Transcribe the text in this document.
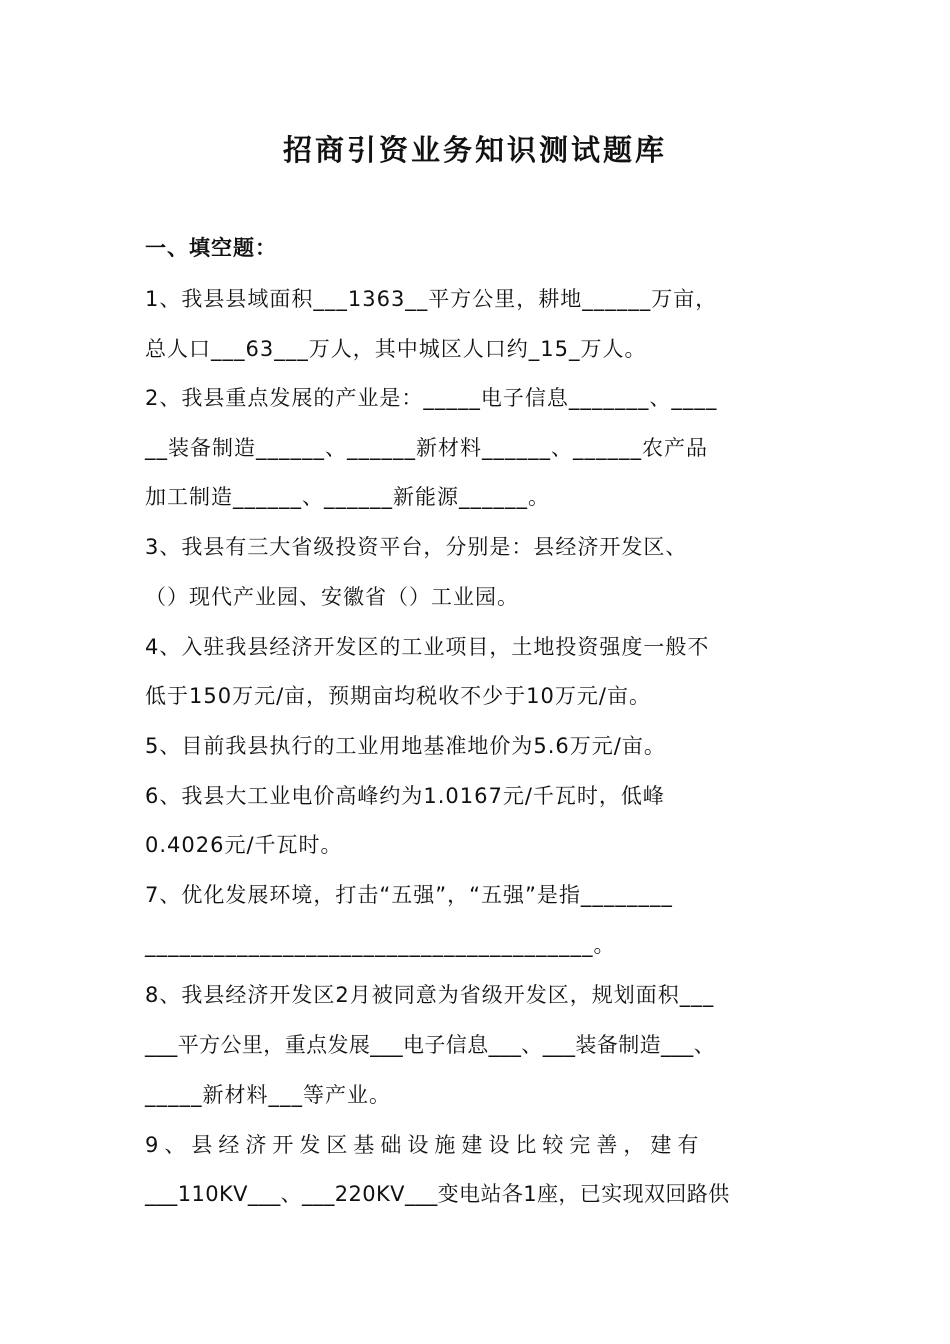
招商引资业务知识测试题库
一、填空题：
1、我县县域面积___1363__平方公里，耕地______万亩，
总人口___63___万人，其中城区人口约_15_万人。
2、我县重点发展的产业是：_____电子信息_______、____
__装备制造______、______新材料______、______农产品
加工制造______、______新能源______。
3、我县有三大省级投资平台，分别是：县经济开发区、
（）现代产业园、安徽省（）工业园。
4、入驻我县经济开发区的工业项目，土地投资强度一般不
低于150万元/亩，预期亩均税收不少于10万元/亩。
5、目前我县执行的工业用地基准地价为5.6万元/亩。
6、我县大工业电价高峰约为1.0167元/千瓦时，低峰
0.4026元/千瓦时。
7、优化发展环境，打击“五强”，“五强”是指________
_______________________________________。
8、我县经济开发区2月被同意为省级开发区，规划面积___
___平方公里，重点发展___电子信息___、___装备制造___、
_____新材料___等产业。
9、县经济开发区基础设施建设比较完善，建有
___110KV___、___220KV___变电站各1座，已实现双回路供
